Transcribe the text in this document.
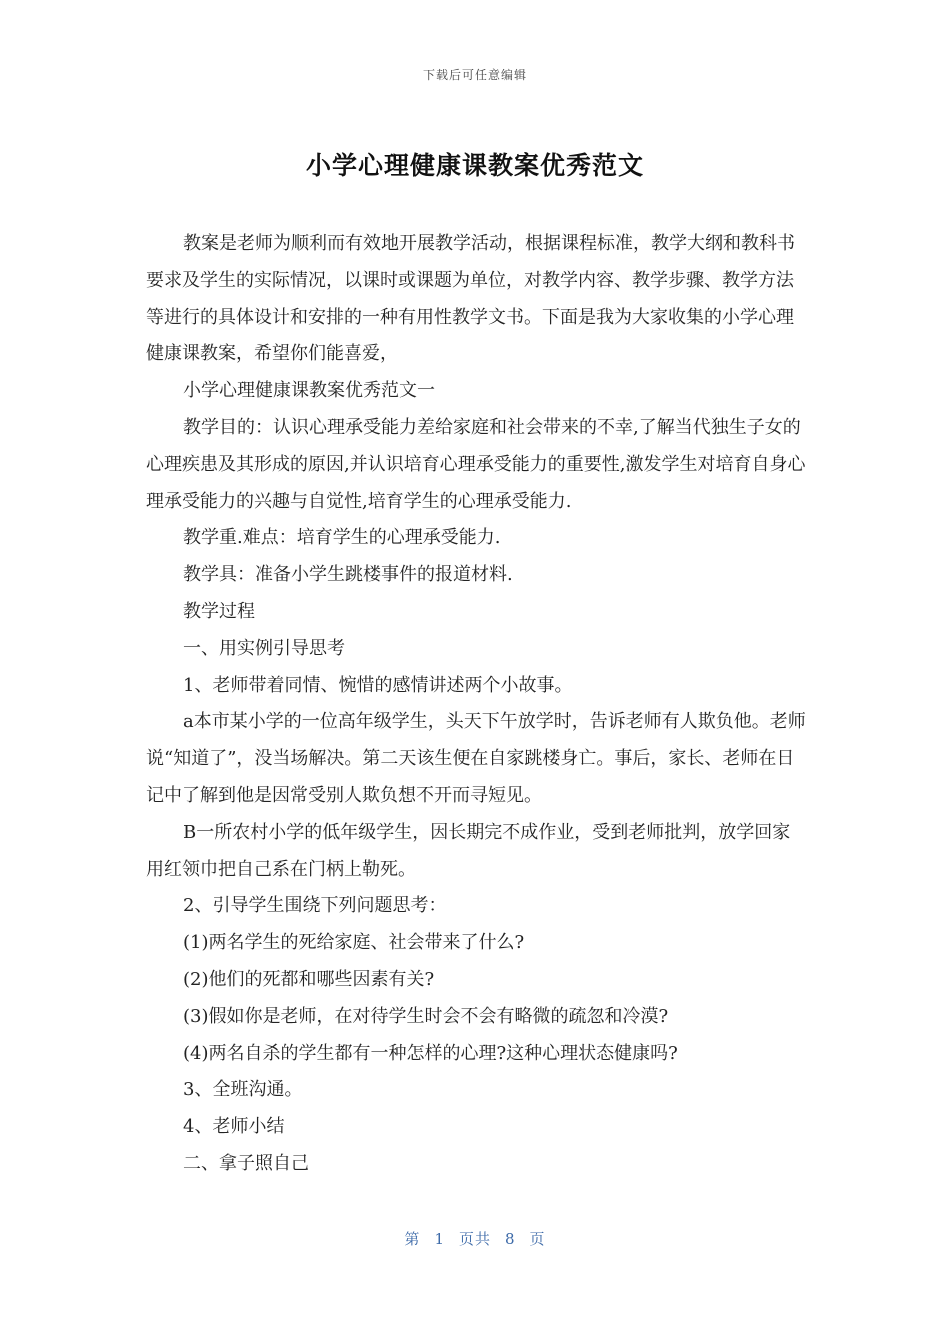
下载后可任意编辑
小学心理健康课教案优秀范文

教案是老师为顺利而有效地开展教学活动，根据课程标准，教学大纲和教科书要求及学生的实际情况，以课时或课题为单位，对教学内容、教学步骤、教学方法等进行的具体设计和安排的一种有用性教学文书。下面是我为大家收集的小学心理健康课教案，希望你们能喜爱，

小学心理健康课教案优秀范文一

教学目的：认识心理承受能力差给家庭和社会带来的不幸,了解当代独生子女的心理疾患及其形成的原因,并认识培育心理承受能力的重要性,激发学生对培育自身心理承受能力的兴趣与自觉性,培育学生的心理承受能力.

教学重.难点：培育学生的心理承受能力.

教学具：准备小学生跳楼事件的报道材料.

教学过程

一、用实例引导思考

1、老师带着同情、惋惜的感情讲述两个小故事。

a本市某小学的一位高年级学生，头天下午放学时，告诉老师有人欺负他。老师说“知道了”，没当场解决。第二天该生便在自家跳楼身亡。事后，家长、老师在日记中了解到他是因常受别人欺负想不开而寻短见。

B一所农村小学的低年级学生，因长期完不成作业，受到老师批判，放学回家用红领巾把自己系在门柄上勒死。

2、引导学生围绕下列问题思考：

(1)两名学生的死给家庭、社会带来了什么?

(2)他们的死都和哪些因素有关?

(3)假如你是老师，在对待学生时会不会有略微的疏忽和冷漠?

(4)两名自杀的学生都有一种怎样的心理?这种心理状态健康吗?

3、全班沟通。

4、老师小结

二、拿子照自己

第 1 页共 8 页
